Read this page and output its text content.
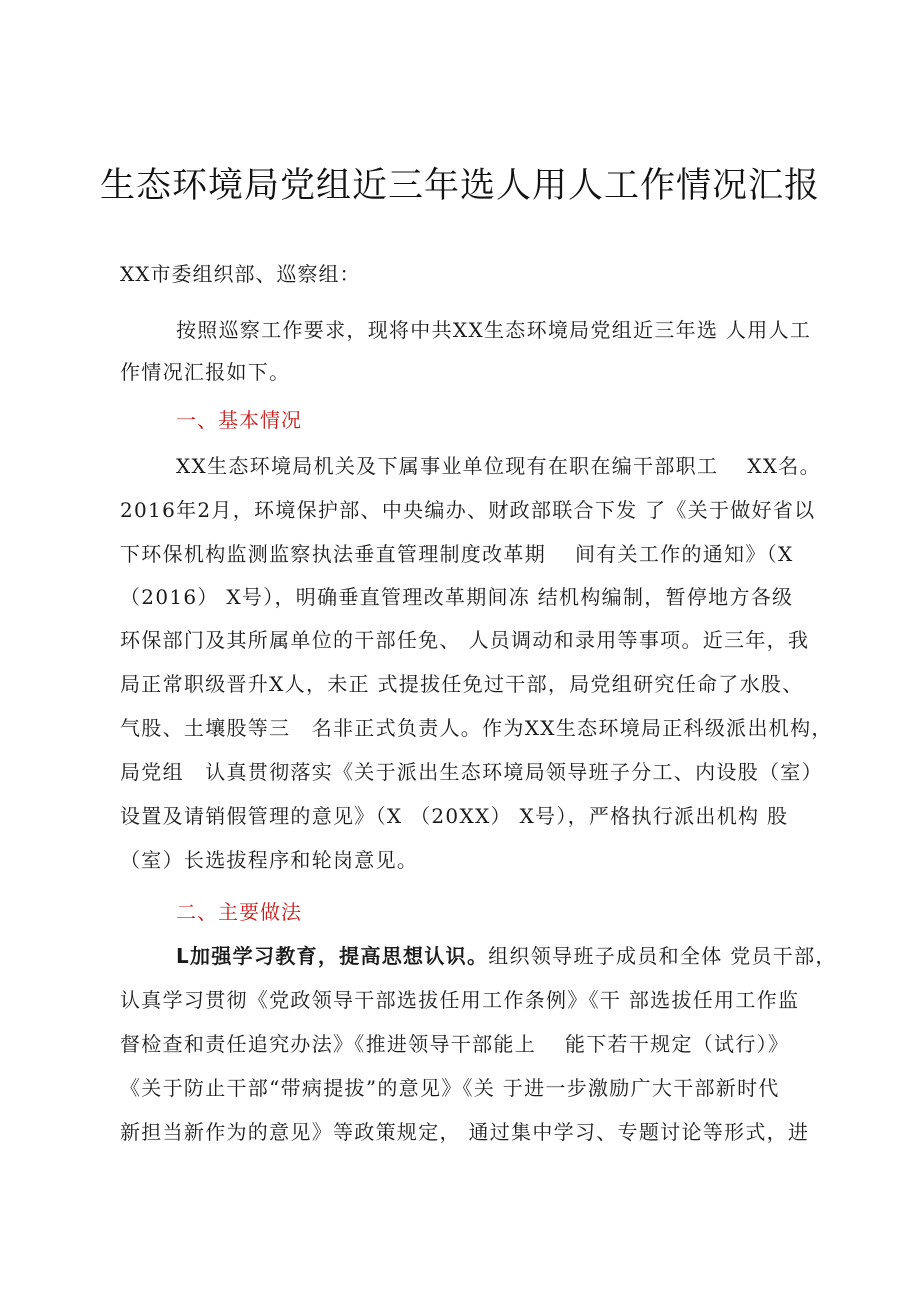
生态环境局党组近三年选人用人工作情况汇报
XX市委组织部、巡察组：
按照巡察工作要求，现将中共XX生态环境局党组近三年选 人用人工
作情况汇报如下。
一、基本情况
XX生态环境局机关及下属事业单位现有在职在编干部职工　 XX名。
2016年2月，环境保护部、中央编办、财政部联合下发 了《关于做好省以
下环保机构监测监察执法垂直管理制度改革期　 间有关工作的通知》（X
（2016） X号），明确垂直管理改革期间冻 结机构编制，暂停地方各级
环保部门及其所属单位的干部任免、 人员调动和录用等事项。近三年，我
局正常职级晋升X人，未正 式提拔任免过干部，局党组研究任命了水股、
气股、土壤股等三　名非正式负责人。作为XX生态环境局正科级派出机构，
局党组　认真贯彻落实《关于派出生态环境局领导班子分工、内设股（室）
设置及请销假管理的意见》（X （20XX） X号），严格执行派出机构 股
（室）长选拔程序和轮岗意见。
二、主要做法
L加强学习教育，提高思想认识。组织领导班子成员和全体 党员干部，
认真学习贯彻《党政领导干部选拔任用工作条例》《干 部选拔任用工作监
督检查和责任追究办法》《推进领导干部能上　 能下若干规定（试行）》
《关于防止干部“带病提拔”的意见》《关 于进一步激励广大干部新时代
新担当新作为的意见》等政策规定， 通过集中学习、专题讨论等形式，进
